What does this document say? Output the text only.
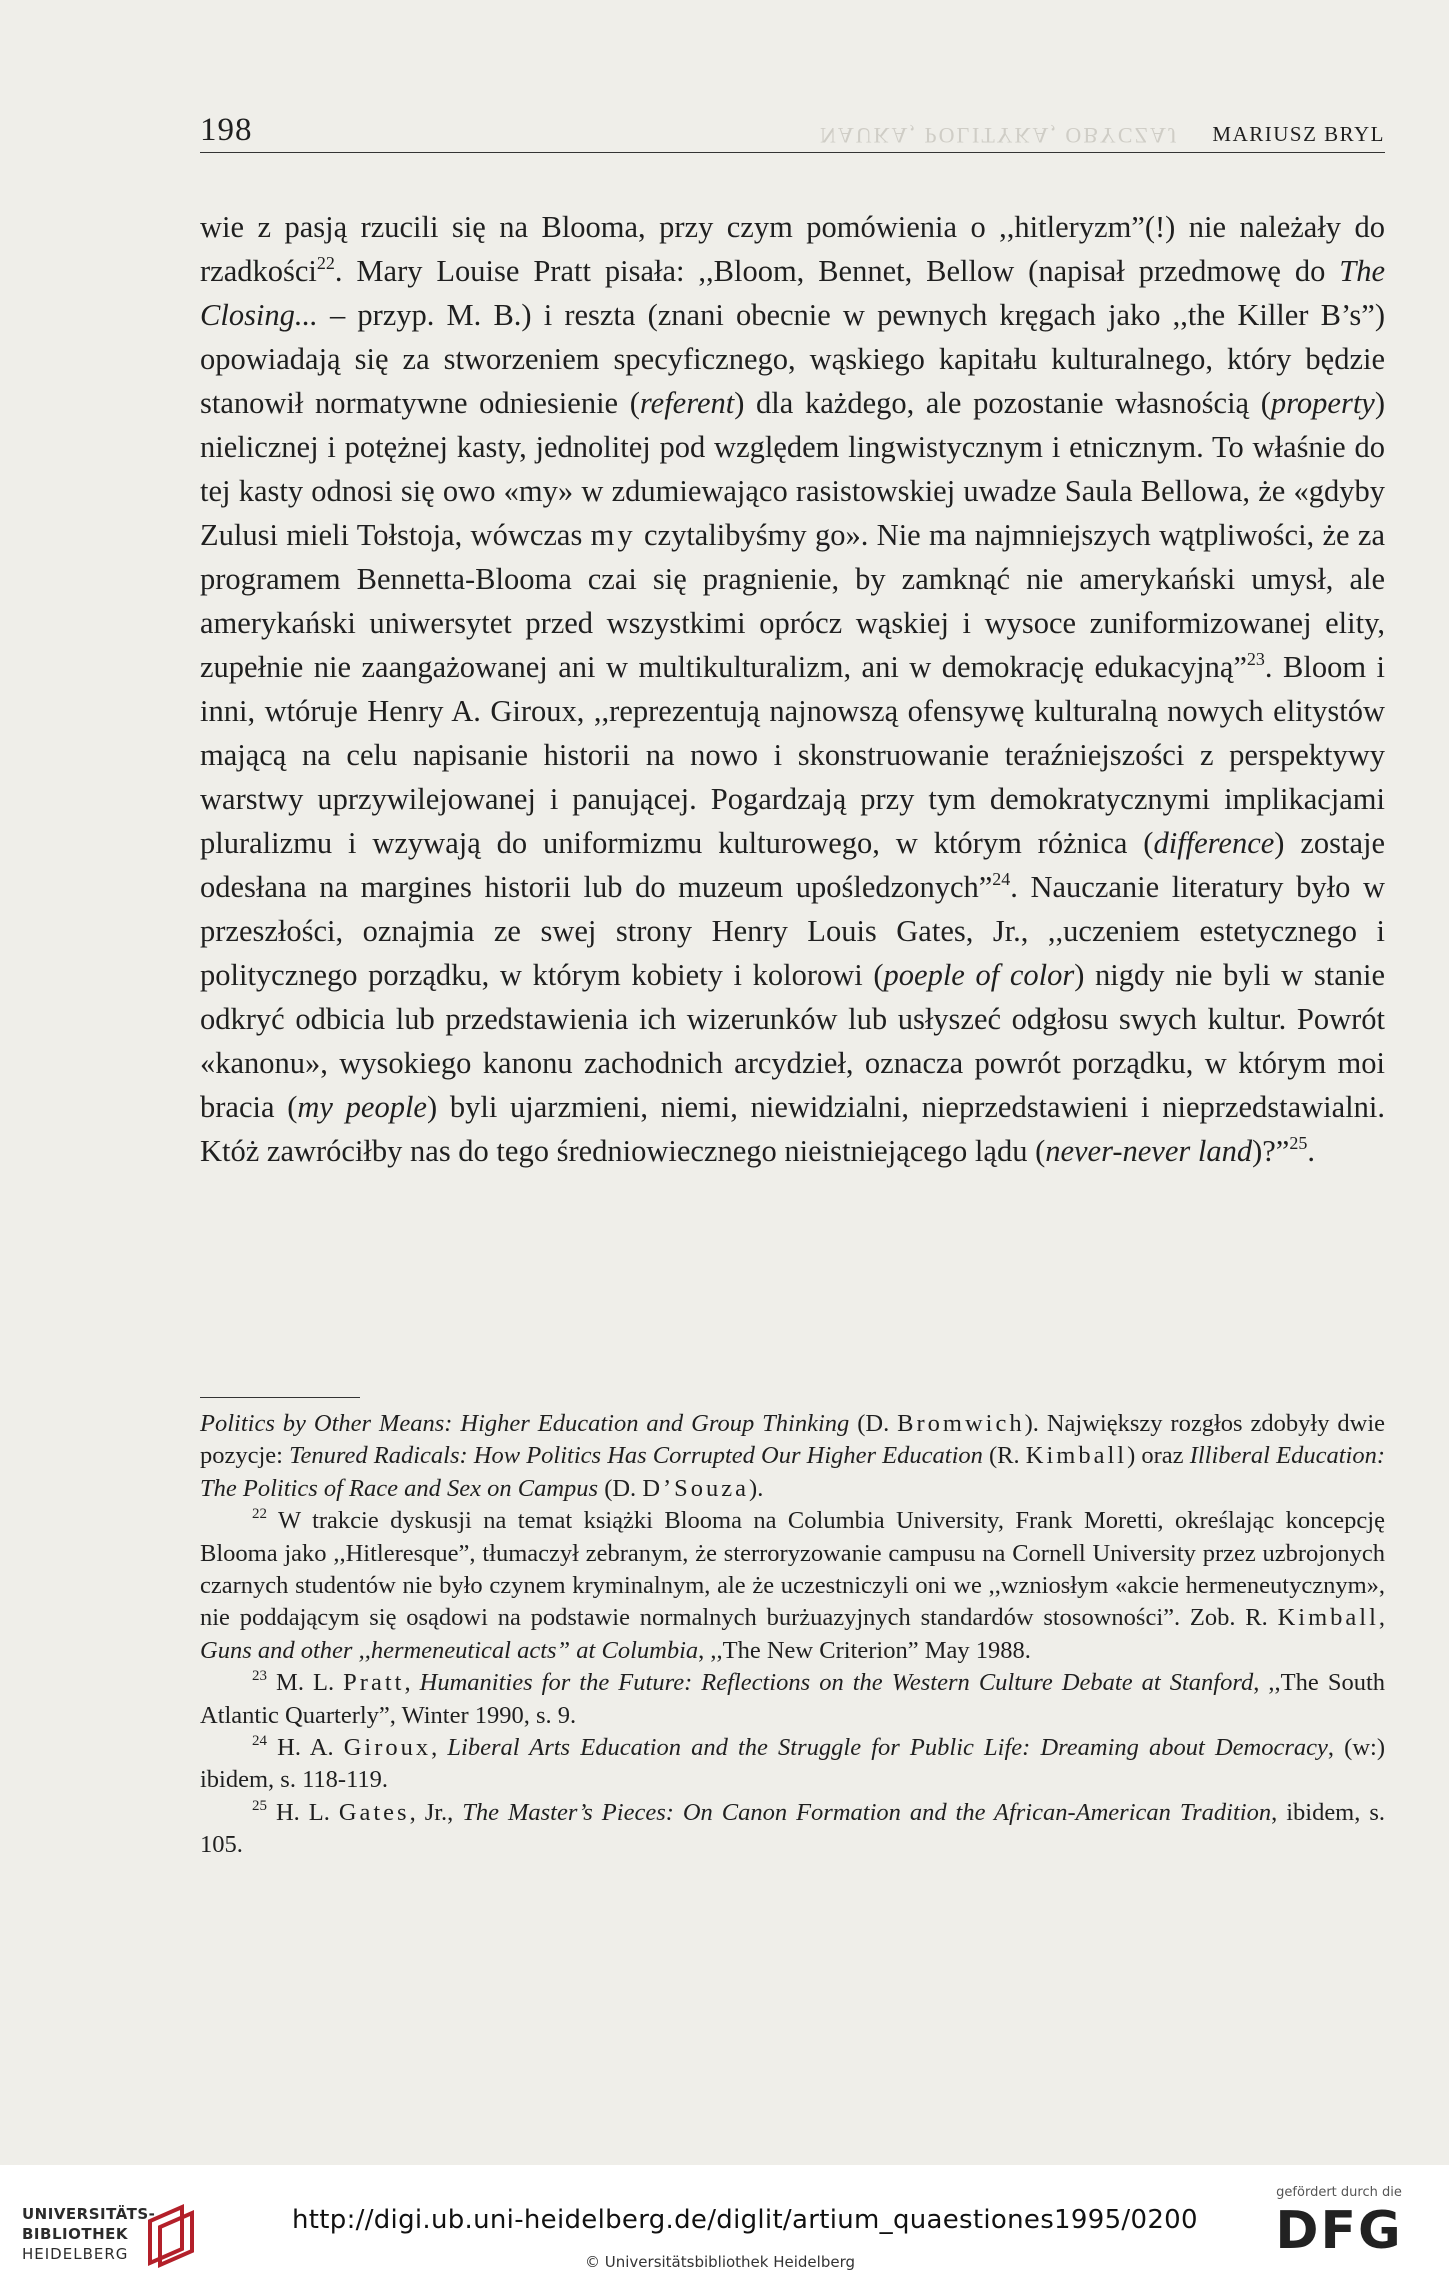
NAUKA, POLITYKA, OBYCZAJ
198	MARIUSZ BRYL

wie z pasją rzucili się na Blooma, przy czym pomówienia o ,,hitleryzm”(!) nie należały do rzadkości$^{22}$. Mary Louise Pratt pisała: ,,Bloom, Bennet, Bellow (napisał przedmowę do The Closing... – przyp. M. B.) i reszta (znani obecnie w pewnych kręgach jako ,,the Killer B’s”) opowiadają się za stworzeniem specyficznego, wąskiego kapitału kulturalnego, który będzie stanowił normatywne odniesienie (referent) dla każdego, ale pozostanie własnością (property) nielicznej i potężnej kasty, jednolitej pod względem lingwistycznym i etnicznym. To właśnie do tej kasty odnosi się owo «my» w zdumiewająco rasistowskiej uwadze Saula Bellowa, że «gdyby Zulusi mieli Tołstoja, wówczas my czytalibyśmy go». Nie ma najmniejszych wątpliwości, że za programem Bennetta-Blooma czai się pragnienie, by zamknąć nie amerykański umysł, ale amerykański uniwersytet przed wszystkimi oprócz wąskiej i wysoce zuniformizowanej elity, zupełnie nie zaangażowanej ani w multikulturalizm, ani w demokrację edukacyjną”$^{23}$. Bloom i inni, wtóruje Henry A. Giroux, ,,reprezentują najnowszą ofensywę kulturalną nowych elitystów mającą na celu napisanie historii na nowo i skonstruowanie teraźniejszości z perspektywy warstwy uprzywilejowanej i panującej. Pogardzają przy tym demokratycznymi implikacjami pluralizmu i wzywają do uniformizmu kulturowego, w którym różnica (difference) zostaje odesłana na margines historii lub do muzeum upośledzonych”$^{24}$. Nauczanie literatury było w przeszłości, oznajmia ze swej strony Henry Louis Gates, Jr., ,,uczeniem estetycznego i politycznego porządku, w którym kobiety i kolorowi (poeple of color) nigdy nie byli w stanie odkryć odbicia lub przedstawienia ich wizerunków lub usłyszeć odgłosu swych kultur. Powrót «kanonu», wysokiego kanonu zachodnich arcydzieł, oznacza powrót porządku, w którym moi bracia (my people) byli ujarzmieni, niemi, niewidzialni, nieprzedstawieni i nieprzedstawialni. Któż zawróciłby nas do tego średniowiecznego nieistniejącego lądu (never-never land)?”$^{25}$.

Politics by Other Means: Higher Education and Group Thinking (D. Bromwich). Największy rozgłos zdobyły dwie pozycje: Tenured Radicals: How Politics Has Corrupted Our Higher Education (R. Kimball) oraz Illiberal Education: The Politics of Race and Sex on Campus (D. D’Souza).

$^{22}$ W trakcie dyskusji na temat książki Blooma na Columbia University, Frank Moretti, określając koncepcję Blooma jako ,,Hitleresque”, tłumaczył zebranym, że sterroryzowanie campusu na Cornell University przez uzbrojonych czarnych studentów nie było czynem kryminalnym, ale że uczestniczyli oni we ,,wzniosłym «akcie hermeneutycznym», nie poddającym się osądowi na podstawie normalnych burżuazyjnych standardów stosowności”. Zob. R. Kimball, Guns and other ,,hermeneutical acts” at Columbia, ,,The New Criterion” May 1988.

$^{23}$ M. L. Pratt, Humanities for the Future: Reflections on the Western Culture Debate at Stanford, ,,The South Atlantic Quarterly”, Winter 1990, s. 9.

$^{24}$ H. A. Giroux, Liberal Arts Education and the Struggle for Public Life: Dreaming about Democracy, (w:) ibidem, s. 118-119.

$^{25}$ H. L. Gates, Jr., The Master’s Pieces: On Canon Formation and the African-American Tradition, ibidem, s. 105.

UNIVERSITÄTS-
BIBLIOTHEK
HEIDELBERG
http://digi.ub.uni-heidelberg.de/diglit/artium_quaestiones1995/0200
© Universitätsbibliothek Heidelberg
gefördert durch die
DFG
